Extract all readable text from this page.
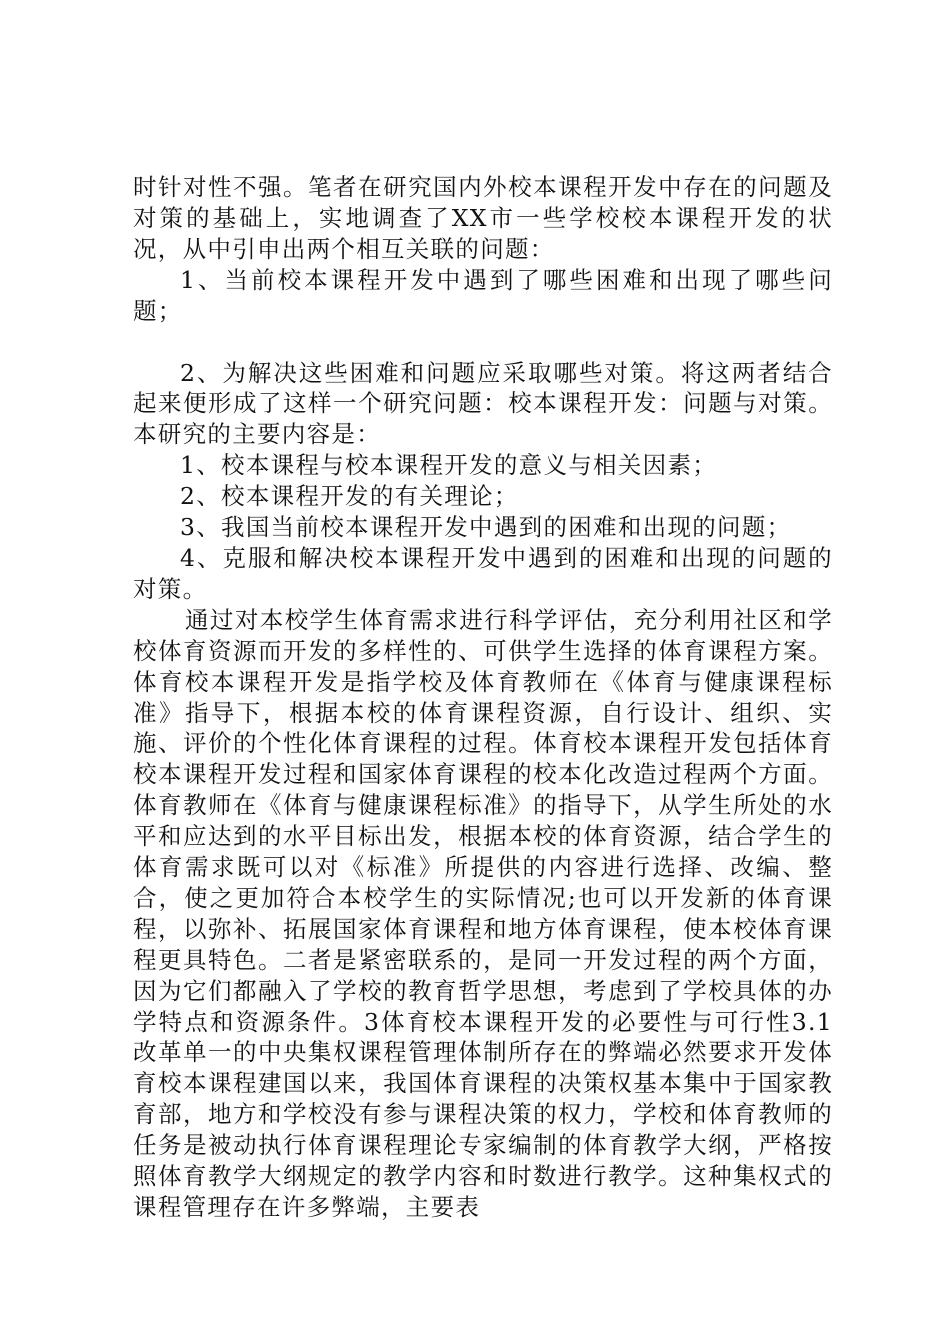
时针对性不强。笔者在研究国内外校本课程开发中存在的问题及对策的基础上，实地调查了XX市一些学校校本课程开发的状况，从中引申出两个相互关联的问题：

1、当前校本课程开发中遇到了哪些困难和出现了哪些问题；

2、为解决这些困难和问题应采取哪些对策。将这两者结合起来便形成了这样一个研究问题：校本课程开发：问题与对策。本研究的主要内容是：

1、校本课程与校本课程开发的意义与相关因素；

2、校本课程开发的有关理论；

3、我国当前校本课程开发中遇到的困难和出现的问题；

4、克服和解决校本课程开发中遇到的困难和出现的问题的对策。

通过对本校学生体育需求进行科学评估，充分利用社区和学校体育资源而开发的多样性的、可供学生选择的体育课程方案。体育校本课程开发是指学校及体育教师在《体育与健康课程标准》指导下，根据本校的体育课程资源，自行设计、组织、实施、评价的个性化体育课程的过程。体育校本课程开发包括体育校本课程开发过程和国家体育课程的校本化改造过程两个方面。体育教师在《体育与健康课程标准》的指导下，从学生所处的水平和应达到的水平目标出发，根据本校的体育资源，结合学生的体育需求既可以对《标准》所提供的内容进行选择、改编、整合，使之更加符合本校学生的实际情况;也可以开发新的体育课程，以弥补、拓展国家体育课程和地方体育课程，使本校体育课程更具特色。二者是紧密联系的，是同一开发过程的两个方面，因为它们都融入了学校的教育哲学思想，考虑到了学校具体的办学特点和资源条件。3体育校本课程开发的必要性与可行性3.1改革单一的中央集权课程管理体制所存在的弊端必然要求开发体育校本课程建国以来，我国体育课程的决策权基本集中于国家教育部，地方和学校没有参与课程决策的权力，学校和体育教师的任务是被动执行体育课程理论专家编制的体育教学大纲，严格按照体育教学大纲规定的教学内容和时数进行教学。这种集权式的课程管理存在许多弊端，主要表
